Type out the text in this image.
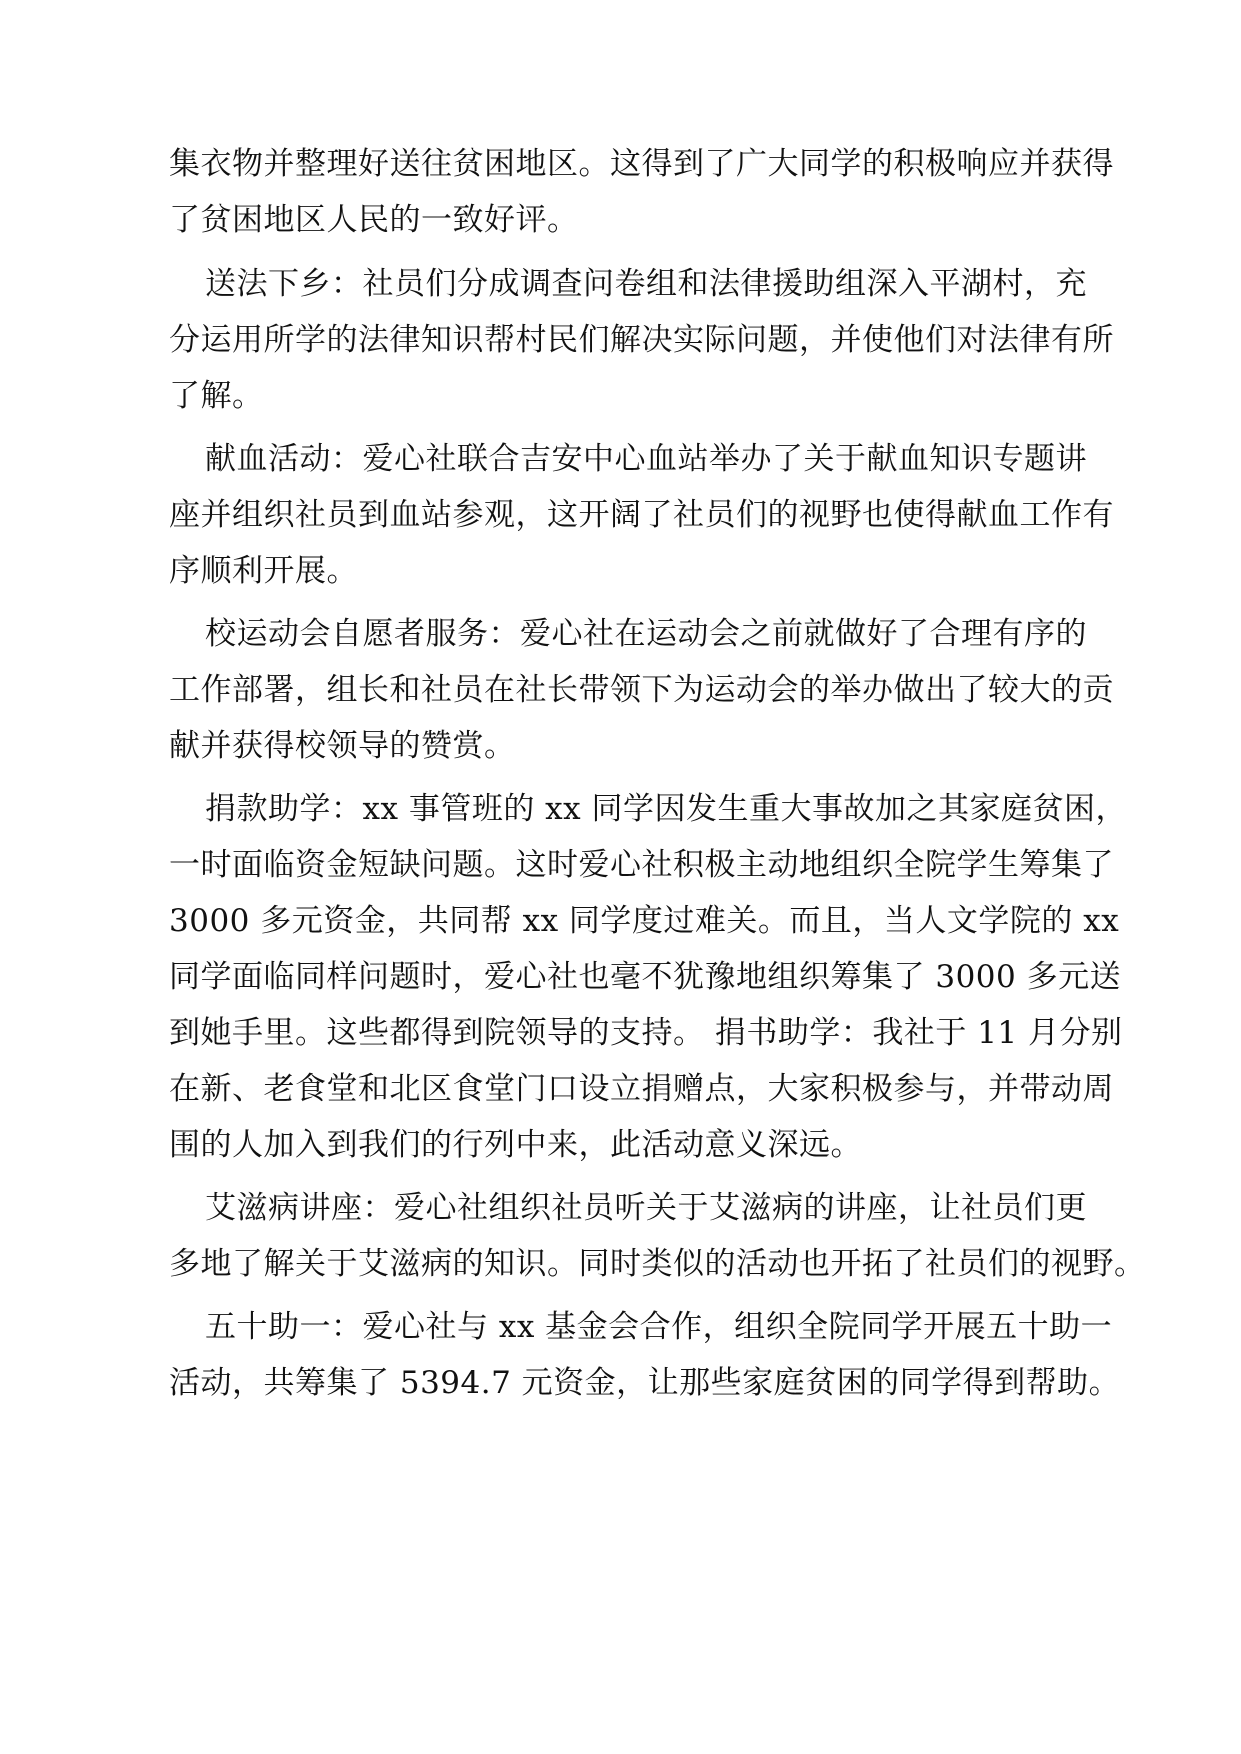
集衣物并整理好送往贫困地区。这得到了广大同学的积极响应并获得
了贫困地区人民的一致好评。
送法下乡：社员们分成调查问卷组和法律援助组深入平湖村，充
分运用所学的法律知识帮村民们解决实际问题，并使他们对法律有所
了解。
献血活动：爱心社联合吉安中心血站举办了关于献血知识专题讲
座并组织社员到血站参观，这开阔了社员们的视野也使得献血工作有
序顺利开展。
校运动会自愿者服务：爱心社在运动会之前就做好了合理有序的
工作部署，组长和社员在社长带领下为运动会的举办做出了较大的贡
献并获得校领导的赞赏。
捐款助学：xx 事管班的 xx 同学因发生重大事故加之其家庭贫困，
一时面临资金短缺问题。这时爱心社积极主动地组织全院学生筹集了
3000 多元资金，共同帮 xx 同学度过难关。而且，当人文学院的 xx
同学面临同样问题时，爱心社也毫不犹豫地组织筹集了 3000 多元送
到她手里。这些都得到院领导的支持。 捐书助学：我社于 11 月分别
在新、老食堂和北区食堂门口设立捐赠点，大家积极参与，并带动周
围的人加入到我们的行列中来，此活动意义深远。
艾滋病讲座：爱心社组织社员听关于艾滋病的讲座，让社员们更
多地了解关于艾滋病的知识。同时类似的活动也开拓了社员们的视野。
五十助一：爱心社与 xx 基金会合作，组织全院同学开展五十助一
活动，共筹集了 5394.7 元资金，让那些家庭贫困的同学得到帮助。
